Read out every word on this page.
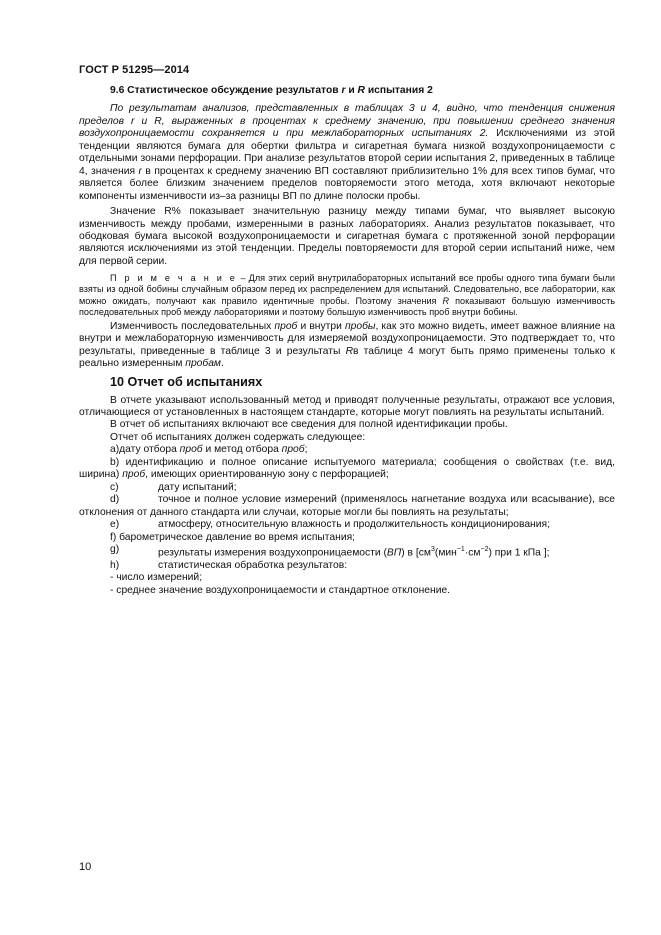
ГОСТ Р 51295—2014

9.6 Статистическое обсуждение результатов r и R испытания 2

По результатам анализов, представленных в таблицах 3 и 4, видно, что тенденция снижения пределов r и R, выраженных в процентах к среднему значению, при повышении среднего значения воздухопроницаемости сохраняется и при межлабораторных испытаниях 2. Исключениями из этой тенденции являются бумага для обертки фильтра и сигаретная бумага низкой воздухопроницаемости с отдельными зонами перфорации. При анализе результатов второй серии испытания 2, приведенных в таблице 4, значения r в процентах к среднему значению ВП составляют приблизительно 1% для всех типов бумаг, что является более близким значением пределов повторяемости этого метода, хотя включают некоторые компоненты изменчивости из–за разницы ВП по длине полоски пробы.

Значение R% показывает значительную разницу между типами бумаг, что выявляет высокую изменчивость между пробами, измеренными в разных лабораториях. Анализ результатов показывает, что ободковая бумага высокой воздухопроницаемости и сигаретная бумага с протяженной зоной перфорации являются исключениями из этой тенденции. Пределы повторяемости для второй серии испытаний ниже, чем для первой серии.

П р и м е ч а н и е – Для этих серий внутрилабораторных испытаний все пробы одного типа бумаги были взяты из одной бобины случайным образом перед их распределением для испытаний. Следовательно, все лаборатории, как можно ожидать, получают как правило идентичные пробы. Поэтому значения R показывают большую изменчивость последовательных проб между лабораториями и поэтому большую изменчивость проб внутри бобины.

Изменчивость последовательных проб и внутри пробы, как это можно видеть, имеет важное влияние на внутри и межлабораторную изменчивость для измеряемой воздухопроницаемости. Это подтверждает то, что результаты, приведенные в таблице 3 и результаты Rв таблице 4 могут быть прямо применены только к реально измеренным пробам.

10 Отчет об испытаниях

В отчете указывают использованный метод и приводят полученные результаты, отражают все условия, отличающиеся от установленных в настоящем стандарте, которые могут повлиять на результаты испытаний.

В отчет об испытаниях включают все сведения для полной идентификации пробы.

Отчет об испытаниях должен содержать следующее:

а)дату отбора проб и метод отбора проб;

b) идентификацию и полное описание испытуемого материала; сообщения о свойствах (т.е. вид, ширина) проб, имеющих ориентированную зону с перфорацией;

c)	дату испытаний;

d)	точное и полное условие измерений (применялось нагнетание воздуха или всасывание), все отклонения от данного стандарта или случаи, которые могли бы повлиять на результаты;

e)	атмосферу, относительную влажность и продолжительность кондиционирования;

f) барометрическое давление во время испытания;

g)	результаты измерения воздухопроницаемости (ВП) в [$см^3(мин^{-1}\cdot см^{-2})$ при 1 кПа ];

h)	статистическая обработка результатов:

- число измерений;

- среднее значение воздухопроницаемости и стандартное отклонение.

10
